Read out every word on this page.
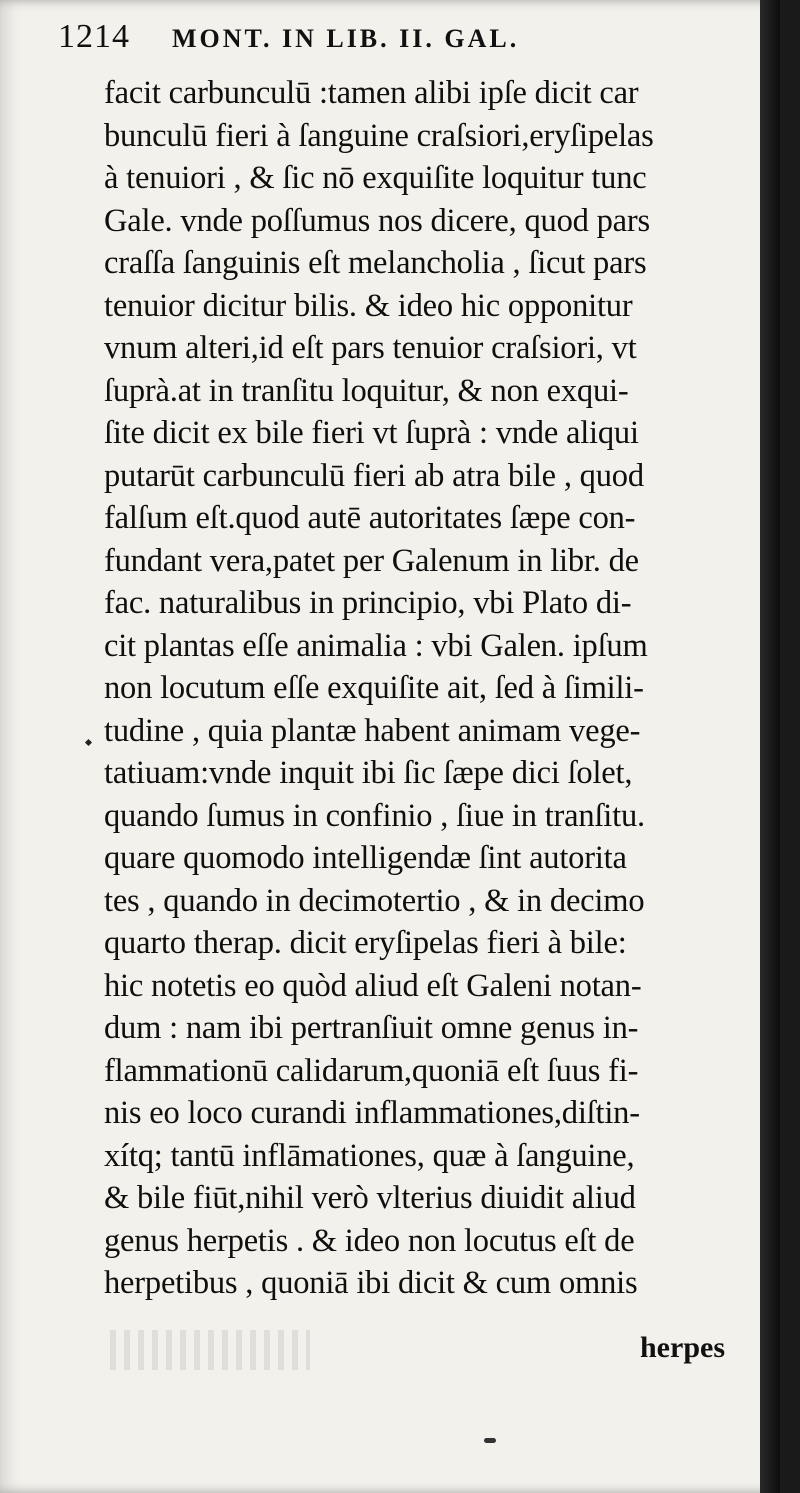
1214 MONT. IN LIB. II. GAL.
facit carbunculū :tamen alibi ipſe dicit car
bunculū fieri à ſanguine craſsiori,eryſipelas
à tenuiori , & ſic nō exquiſite loquitur tunc
Gale. vnde poſſumus nos dicere, quod pars
craſſa ſanguinis eſt melancholia , ſicut pars
tenuior dicitur bilis. & ideo hic opponitur
vnum alteri,id eſt pars tenuior craſsiori, vt
ſuprà.at in tranſitu loquitur, & non exqui-
ſite dicit ex bile fieri vt ſuprà : vnde aliqui
putarūt carbunculū fieri ab atra bile , quod
falſum eſt.quod autē autoritates ſæpe con-
fundant vera,patet per Galenum in libr. de
fac. naturalibus in principio, vbi Plato di-
cit plantas eſſe animalia : vbi Galen. ipſum
non locutum eſſe exquiſite ait, ſed à ſimili-
tudine , quia plantæ habent animam vege-
tatiuam:vnde inquit ibi ſic ſæpe dici ſolet,
quando ſumus in confinio , ſiue in tranſitu.
quare quomodo intelligendæ ſint autorita
tes , quando in decimotertio , & in decimo
quarto therap. dicit eryſipelas fieri à bile:
hic notetis eo quòd aliud eſt Galeni notan-
dum : nam ibi pertranſiuit omne genus in-
flammationū calidarum,quoniā eſt ſuus fi-
nis eo loco curandi inflammationes,diſtin-
xítq; tantū inflāmationes, quæ à ſanguine,
& bile fiūt,nihil verò vlterius diuidit aliud
genus herpetis . & ideo non locutus eſt de
herpetibus , quoniā ibi dicit & cum omnis
herpes
